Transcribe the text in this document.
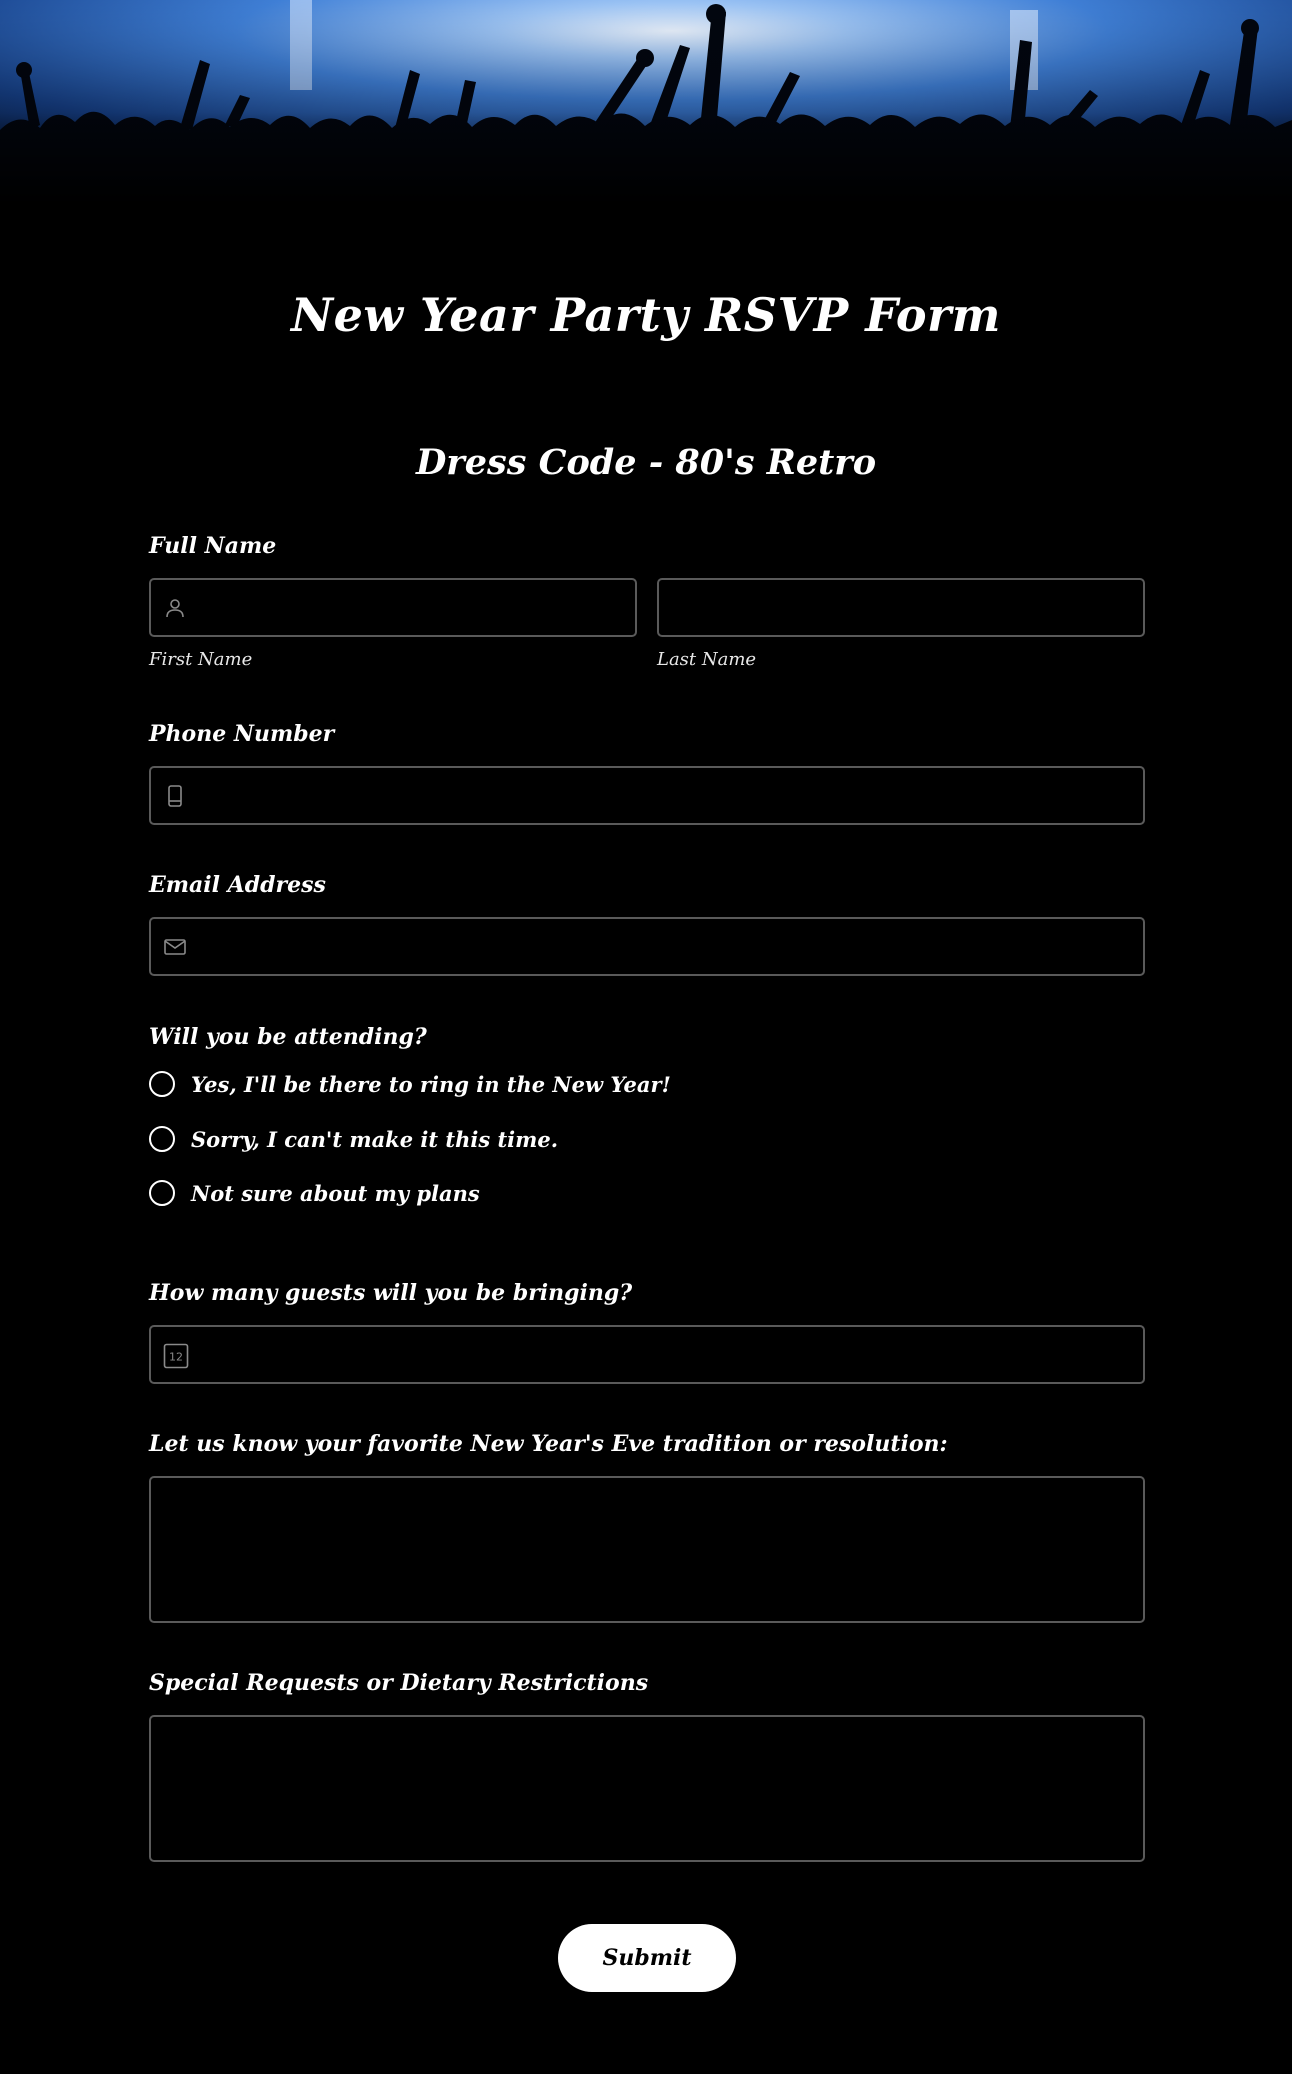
New Year Party RSVP Form
Dress Code - 80's Retro
Full Name
First Name	Last Name
Phone Number
Email Address
Will you be attending?
Yes, I'll be there to ring in the New Year!
Sorry, I can't make it this time.
Not sure about my plans
How many guests will you be bringing?
12
Let us know your favorite New Year's Eve tradition or resolution:
Special Requests or Dietary Restrictions
Submit
